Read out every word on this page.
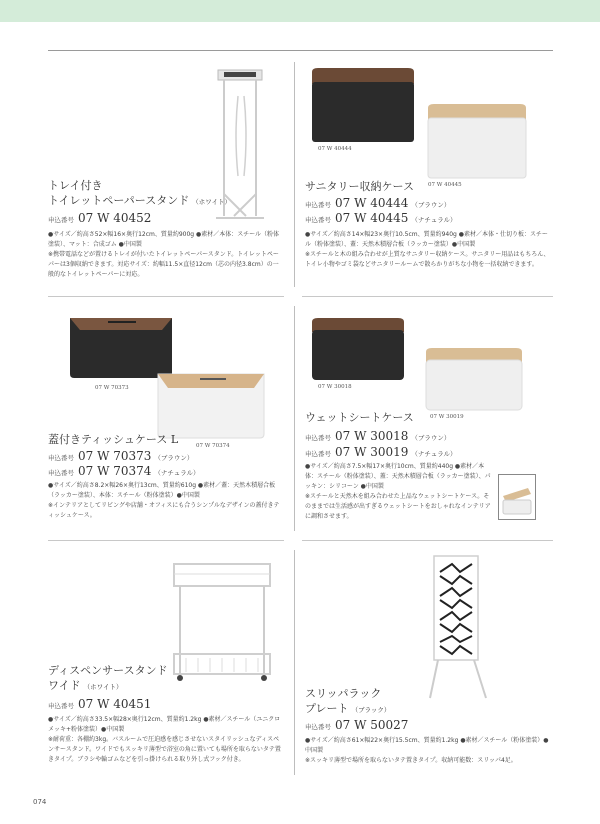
トレイ付き
トイレットペーパースタンド （ホワイト）
申込番号 07 W 40452

●サイズ／約高さ52×幅16×奥行12cm、質量約900g ●素材／本体：スチール（粉体塗装）、マット：合成ゴム ●中国製
※携帯電話などが置けるトレイが付いたトイレットペーパースタンド。トイレットペーパーは3個収納できます。対応サイズ：約幅11.5×直径12cm（芯の内径3.8cm）の一般的なトイレットペーパーに対応。

07 W 40444
07 W 40445
サニタリー収納ケース
申込番号 07 W 40444 （ブラウン）
申込番号 07 W 40445 （ナチュラル）

●サイズ／約高さ14×幅23×奥行10.5cm、質量約940g ●素材／本体・仕切り板：スチール（粉体塗装）、蓋：天然木積層合板（ラッカー塗装）●中国製
※スチールと木の組み合わせが上質なサニタリー収納ケース。サニタリー用品はもちろん、トイレ小物やゴミ袋などサニタリールームで散らかりがちな小物を一括収納できます。

07 W 70373
07 W 70374
蓋付きティッシュケース L
申込番号 07 W 70373 （ブラウン）
申込番号 07 W 70374 （ナチュラル）

●サイズ／約高さ8.2×幅26×奥行13cm、質量約610g ●素材／蓋：天然木積層合板（ラッカー塗装）、本体：スチール（粉体塗装）●中国製
※インテリアとしてリビングや店舗・オフィスにも合うシンプルなデザインの蓋付きティッシュケース。

07 W 30018
07 W 30019
ウェットシートケース
申込番号 07 W 30018 （ブラウン）
申込番号 07 W 30019 （ナチュラル）

●サイズ／約高さ7.5×幅17×奥行10cm、質量約440g ●素材／本体：スチール（粉体塗装）、蓋：天然木積層合板（ラッカー塗装）、パッキン：シリコーン ●中国製
※スチールと天然木を組み合わせた上品なウェットシートケース。そのままでは生活感が出すぎるウェットシートをおしゃれなインテリアに調和させます。

ディスペンサースタンド
ワイド （ホワイト）
申込番号 07 W 40451

●サイズ／約高さ33.5×幅28×奥行12cm、質量約1.2kg ●素材／スチール（ユニクロメッキ+粉体塗装）●中国製
※耐荷重：各棚約3kg。バスルームで圧迫感を感じさせないスタイリッシュなディスペンサースタンド。ワイドでもスッキリ薄型で浴室の角に置いても場所を取らないタテ置きタイプ。ブラシや輪ゴムなどを引っ掛けられる取り外し式フック付き。

スリッパラック
プレート （ブラック）
申込番号 07 W 50027

●サイズ／約高さ61×幅22×奥行15.5cm、質量約1.2kg ●素材／スチール（粉体塗装）●中国製
※スッキリ薄型で場所を取らないタテ置きタイプ。収納可能数：スリッパ4足。

074
